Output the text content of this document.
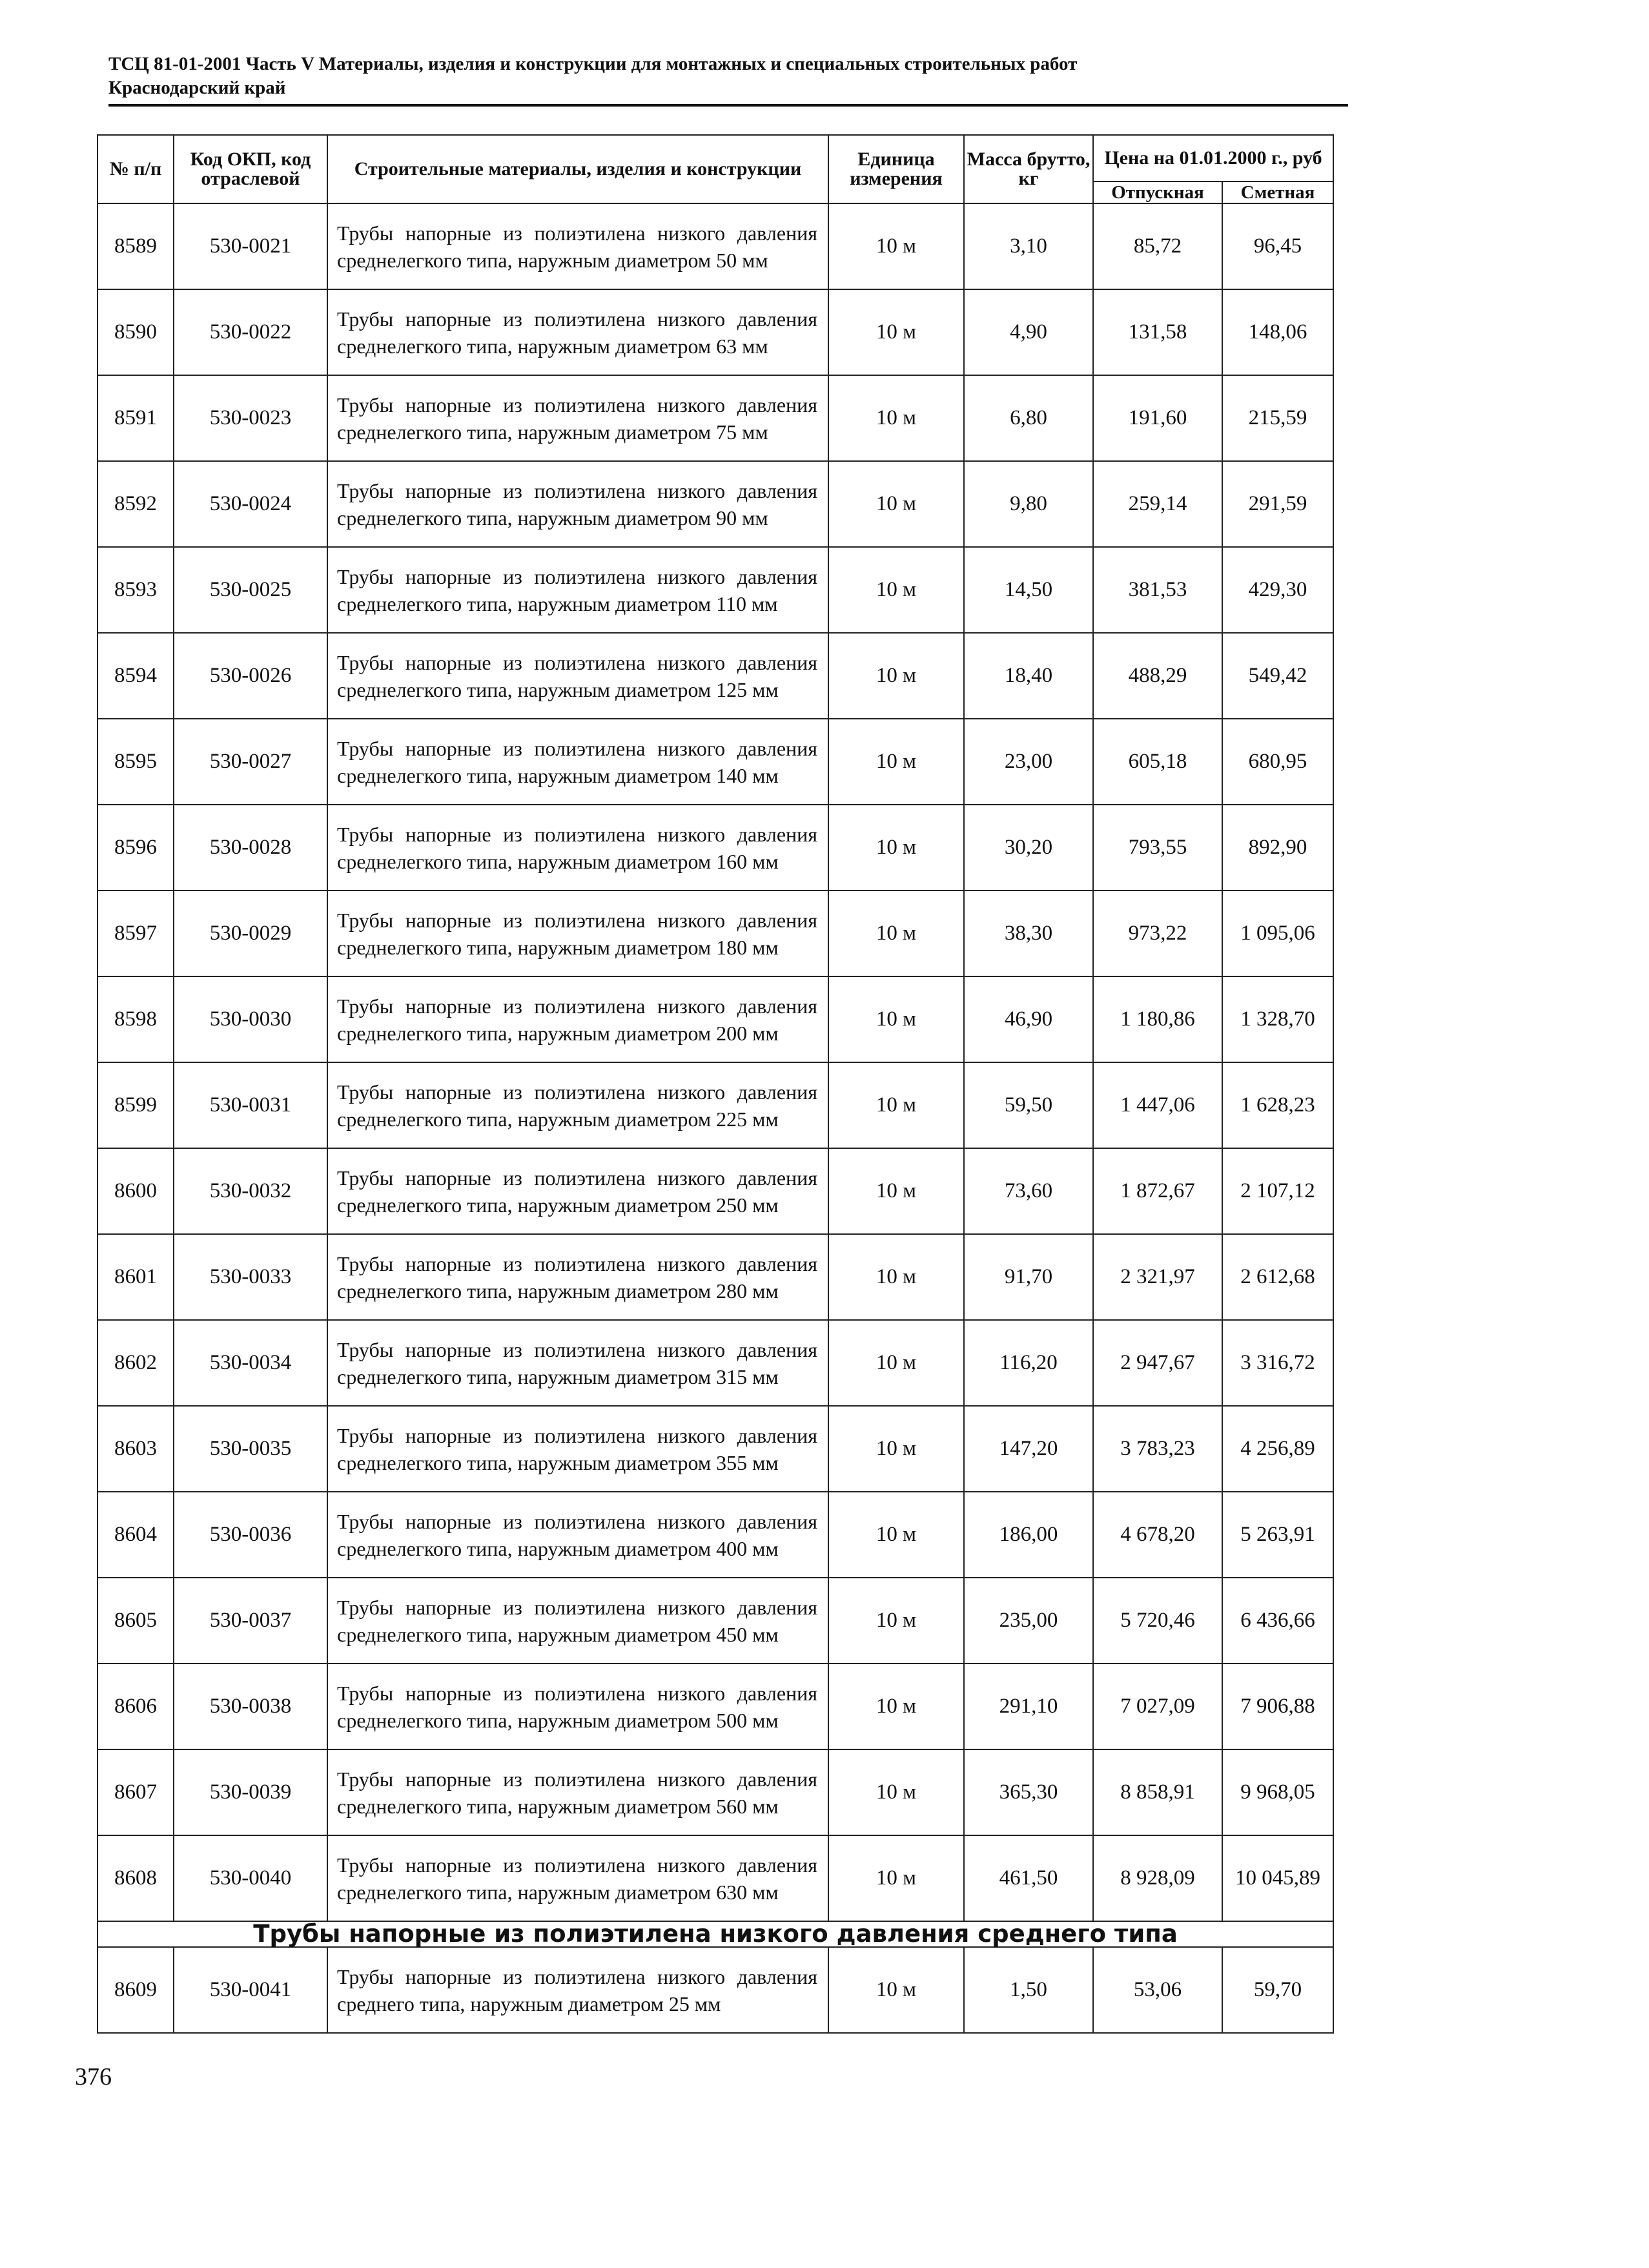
ТСЦ 81-01-2001 Часть V Материалы, изделия и конструкции для монтажных и специальных строительных работ
Краснодарский край
№ п/п	Код ОКП, код отраслевой	Строительные материалы, изделия и конструкции	Единица измерения	Масса брутто, кг	Цена на 01.01.2000 г., руб	
					Отпускная	Сметная
8589	530-0021	Трубы напорные из полиэтилена низкого давления среднелегкого типа, наружным диаметром 50 мм	10 м	3,10	85,72	96,45
8590	530-0022	Трубы напорные из полиэтилена низкого давления среднелегкого типа, наружным диаметром 63 мм	10 м	4,90	131,58	148,06
8591	530-0023	Трубы напорные из полиэтилена низкого давления среднелегкого типа, наружным диаметром 75 мм	10 м	6,80	191,60	215,59
8592	530-0024	Трубы напорные из полиэтилена низкого давления среднелегкого типа, наружным диаметром 90 мм	10 м	9,80	259,14	291,59
8593	530-0025	Трубы напорные из полиэтилена низкого давления среднелегкого типа, наружным диаметром 110 мм	10 м	14,50	381,53	429,30
8594	530-0026	Трубы напорные из полиэтилена низкого давления среднелегкого типа, наружным диаметром 125 мм	10 м	18,40	488,29	549,42
8595	530-0027	Трубы напорные из полиэтилена низкого давления среднелегкого типа, наружным диаметром 140 мм	10 м	23,00	605,18	680,95
8596	530-0028	Трубы напорные из полиэтилена низкого давления среднелегкого типа, наружным диаметром 160 мм	10 м	30,20	793,55	892,90
8597	530-0029	Трубы напорные из полиэтилена низкого давления среднелегкого типа, наружным диаметром 180 мм	10 м	38,30	973,22	1 095,06
8598	530-0030	Трубы напорные из полиэтилена низкого давления среднелегкого типа, наружным диаметром 200 мм	10 м	46,90	1 180,86	1 328,70
8599	530-0031	Трубы напорные из полиэтилена низкого давления среднелегкого типа, наружным диаметром 225 мм	10 м	59,50	1 447,06	1 628,23
8600	530-0032	Трубы напорные из полиэтилена низкого давления среднелегкого типа, наружным диаметром 250 мм	10 м	73,60	1 872,67	2 107,12
8601	530-0033	Трубы напорные из полиэтилена низкого давления среднелегкого типа, наружным диаметром 280 мм	10 м	91,70	2 321,97	2 612,68
8602	530-0034	Трубы напорные из полиэтилена низкого давления среднелегкого типа, наружным диаметром 315 мм	10 м	116,20	2 947,67	3 316,72
8603	530-0035	Трубы напорные из полиэтилена низкого давления среднелегкого типа, наружным диаметром 355 мм	10 м	147,20	3 783,23	4 256,89
8604	530-0036	Трубы напорные из полиэтилена низкого давления среднелегкого типа, наружным диаметром 400 мм	10 м	186,00	4 678,20	5 263,91
8605	530-0037	Трубы напорные из полиэтилена низкого давления среднелегкого типа, наружным диаметром 450 мм	10 м	235,00	5 720,46	6 436,66
8606	530-0038	Трубы напорные из полиэтилена низкого давления среднелегкого типа, наружным диаметром 500 мм	10 м	291,10	7 027,09	7 906,88
8607	530-0039	Трубы напорные из полиэтилена низкого давления среднелегкого типа, наружным диаметром 560 мм	10 м	365,30	8 858,91	9 968,05
8608	530-0040	Трубы напорные из полиэтилена низкого давления среднелегкого типа, наружным диаметром 630 мм	10 м	461,50	8 928,09	10 045,89
Трубы напорные из полиэтилена низкого давления среднего типа						
8609	530-0041	Трубы напорные из полиэтилена низкого давления среднего типа, наружным диаметром 25 мм	10 м	1,50	53,06	59,70
376
